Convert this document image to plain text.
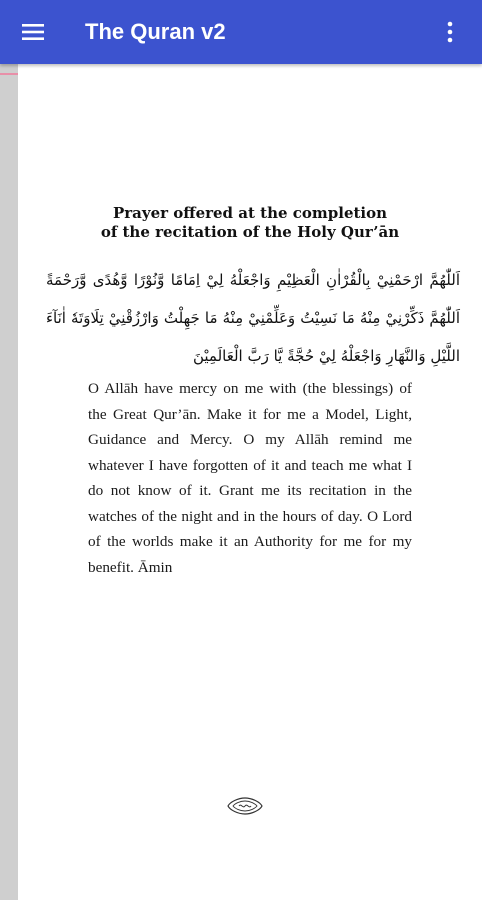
The Quran v2
Prayer offered at the completion
of the recitation of the Holy Qur’ān
اَللّٰهُمَّ ارْحَمْنِيْ بِالْقُرْاٰنِ الْعَظِيْمِ وَاجْعَلْهُ لِيْ اِمَامًا وَّنُوْرًا وَّهُدًى وَّرَحْمَةً اَللّٰهُمَّ ذَكِّرْنِيْ مِنْهُ مَا نَسِيْتُ وَعَلِّمْنِيْ مِنْهُ مَا جَهِلْتُ وَارْزُقْنِيْ تِلَاوَتَهٗ اٰنَآءَ اللَّيْلِ وَالنَّهَارِ وَاجْعَلْهُ لِيْ حُجَّةً يَّا رَبَّ الْعَالَمِيْنَ
O Allāh have mercy on me with (the blessings) of the Great Qur’ān. Make it for me a Model, Light, Guidance and Mercy. O my Allāh remind me whatever I have forgotten of it and teach me what I do not know of it. Grant me its recitation in the watches of the night and in the hours of day. O Lord of the worlds make it an Authority for me for my benefit. Āmin
